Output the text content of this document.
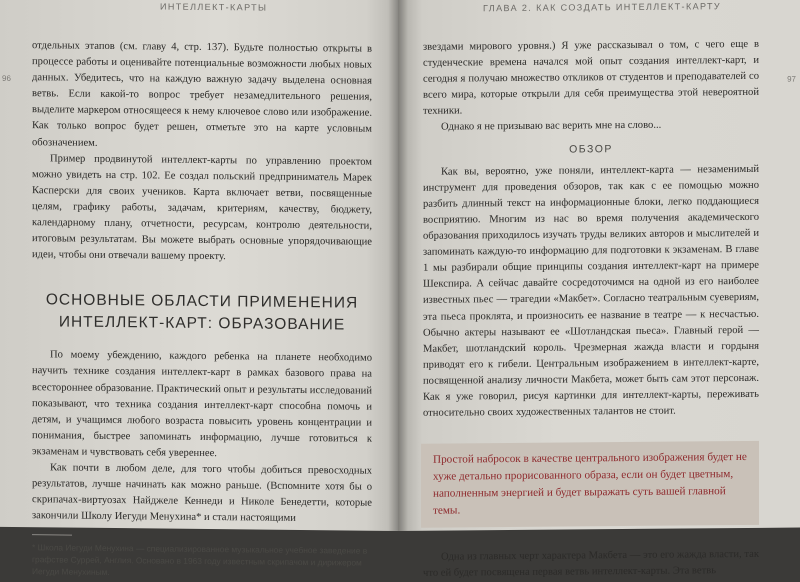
ИНТЕЛЛЕКТ-КАРТЫ
96

отдельных этапов (см. главу 4, стр. 137). Будьте полностью открыты в процессе работы и оценивайте потенциальные возможности любых новых данных. Убедитесь, что на каждую важную задачу выделена основная ветвь. Если какой-то вопрос требует незамедлительного решения, выделите маркером относящееся к нему ключевое слово или изображение. Как только вопрос будет решен, отметьте это на карте условным обозначением.

Пример продвинутой интеллект-карты по управлению проектом можно увидеть на стр. 102. Ее создал польский предприниматель Марек Касперски для своих учеников. Карта включает ветви, посвященные целям, графику работы, задачам, критериям, качеству, бюджету, календарному плану, отчетности, ресурсам, контролю деятельности, итоговым результатам. Вы можете выбрать основные упорядочивающие идеи, чтобы они отвечали вашему проекту.

ОСНОВНЫЕ ОБЛАСТИ ПРИМЕНЕНИЯ ИНТЕЛЛЕКТ-КАРТ: ОБРАЗОВАНИЕ

По моему убеждению, каждого ребенка на планете необходимо научить технике создания интеллект-карт в рамках базового права на всестороннее образование. Практический опыт и результаты исследований показывают, что техника создания интеллект-карт способна помочь и детям, и учащимся любого возраста повысить уровень концентрации и понимания, быстрее запоминать информацию, лучше готовиться к экзаменам и чувствовать себя увереннее.

Как почти в любом деле, для того чтобы добиться превосходных результатов, лучше начинать как можно раньше. (Вспомните хотя бы о скрипачах-виртуозах Найджеле Кеннеди и Николе Бенедетти, которые закончили Школу Иегуди Менухина* и стали настоящими

* Школа Иегуди Менухина — специализированное музыкальное учебное заведение в графстве Суррей, Англия. Основано в 1963 году известным скрипачом и дирижером Иегуди Менухиным.
ГЛАВА 2. КАК СОЗДАТЬ ИНТЕЛЛЕКТ-КАРТУ
97

звездами мирового уровня.) Я уже рассказывал о том, с чего еще в студенческие времена начался мой опыт создания интеллект-карт, и сегодня я получаю множество откликов от студентов и преподавателей со всего мира, которые открыли для себя преимущества этой невероятной техники.

Однако я не призываю вас верить мне на слово...

ОБЗОР

Как вы, вероятно, уже поняли, интеллект-карта — незаменимый инструмент для проведения обзоров, так как с ее помощью можно разбить длинный текст на информационные блоки, легко поддающиеся восприятию. Многим из нас во время получения академического образования приходилось изучать труды великих авторов и мыслителей и запоминать каждую-то информацию для подготовки к экзаменам. В главе 1 мы разбирали общие принципы создания интеллект-карт на примере Шекспира. А сейчас давайте сосредоточимся на одной из его наиболее известных пьес — трагедии «Макбет». Согласно театральным суевериям, эта пьеса проклята, и произносить ее название в театре — к несчастью. Обычно актеры называют ее «Шотландская пьеса». Главный герой — Макбет, шотландский король. Чрезмерная жажда власти и гордыня приводят его к гибели. Центральным изображением в интеллект-карте, посвященной анализу личности Макбета, может быть сам этот персонаж. Как я уже говорил, рисуя картинки для интеллект-карты, переживать относительно своих художественных талантов не стоит.

Простой набросок в качестве центрального изображения будет не хуже детально прорисованного образа, если он будет цветным, наполненным энергией и будет выражать суть вашей главной темы.

Одна из главных черт характера Макбета — это его жажда власти, так что ей будет посвящена первая ветвь интеллект-карты. Эта ветвь
